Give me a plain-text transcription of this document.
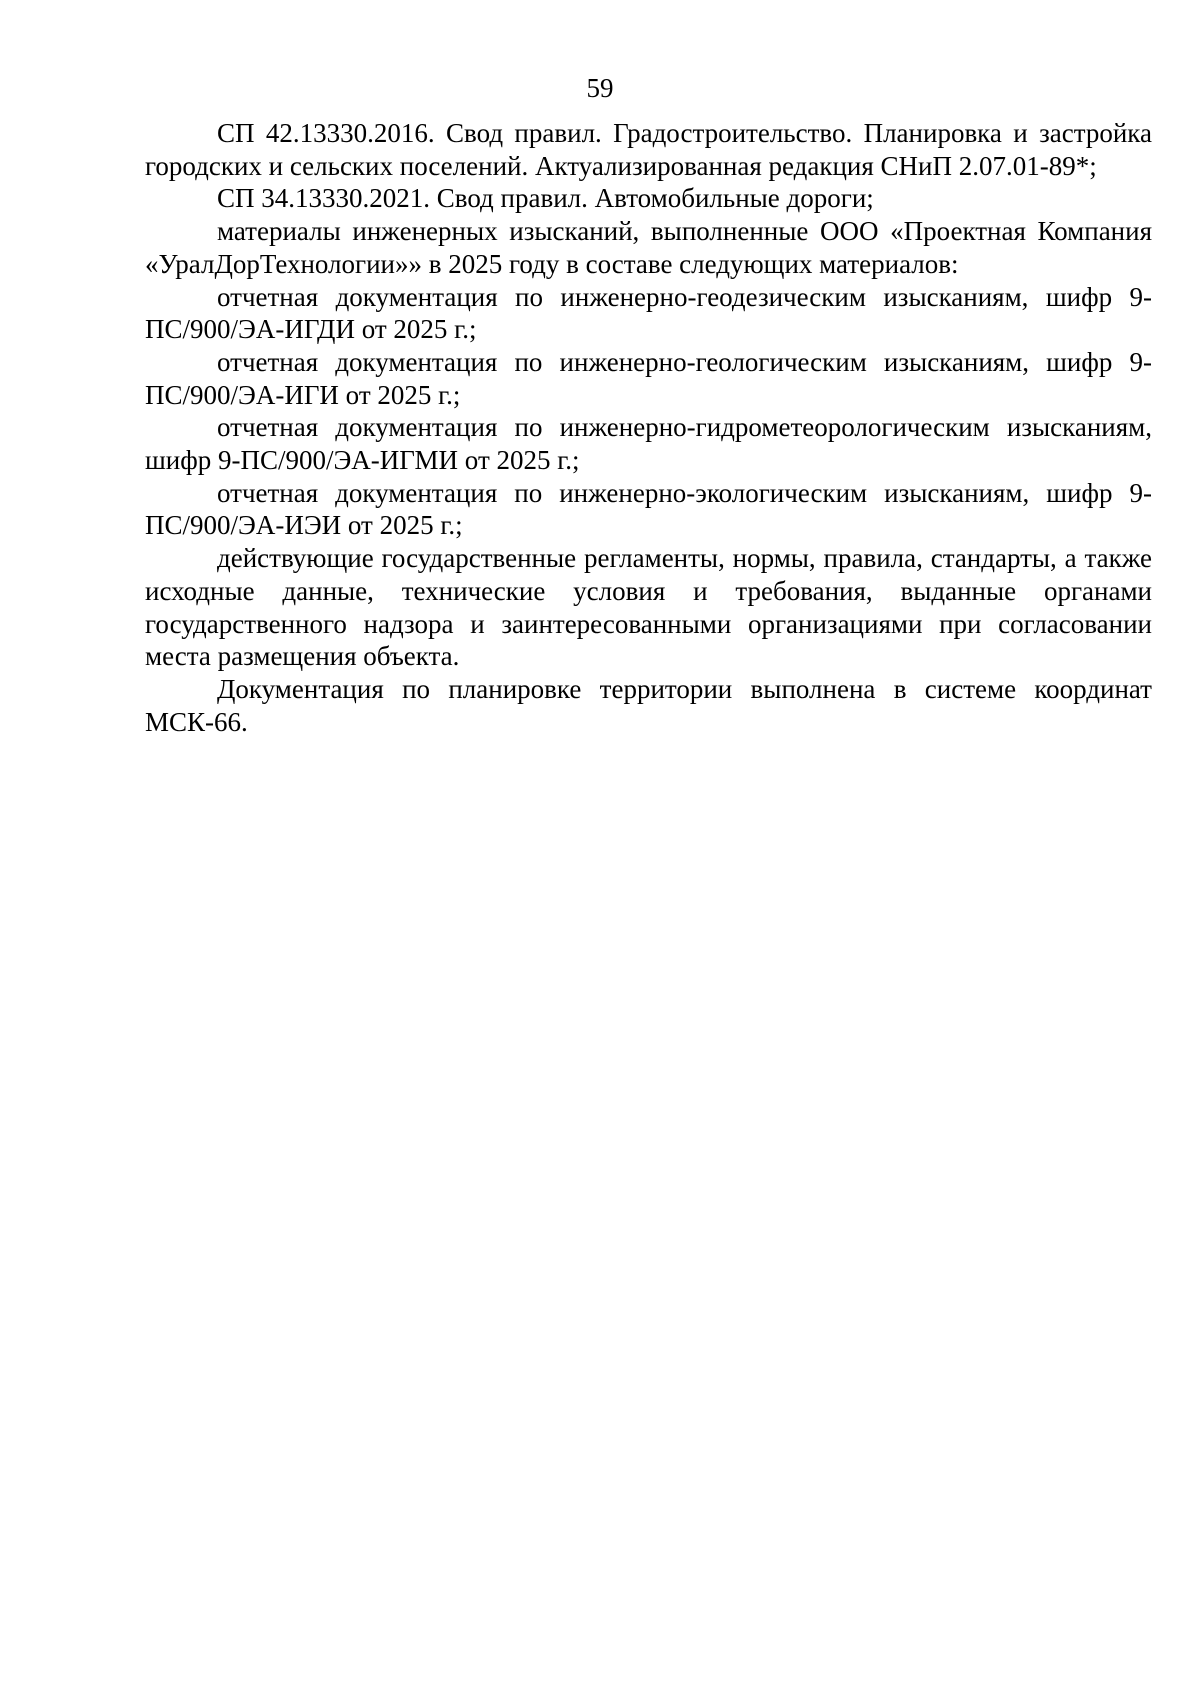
59

СП 42.13330.2016. Свод правил. Градостроительство. Планировка и застройка городских и сельских поселений. Актуализированная редакция СНиП 2.07.01-89*;

СП 34.13330.2021. Свод правил. Автомобильные дороги;

материалы инженерных изысканий, выполненные ООО «Проектная Компания «УралДорТехнологии»» в 2025 году в составе следующих материалов:

отчетная документация по инженерно-геодезическим изысканиям, шифр 9-ПС/900/ЭА-ИГДИ от 2025 г.;

отчетная документация по инженерно-геологическим изысканиям, шифр 9-ПС/900/ЭА-ИГИ от 2025 г.;

отчетная документация по инженерно-гидрометеорологическим изысканиям, шифр 9-ПС/900/ЭА-ИГМИ от 2025 г.;

отчетная документация по инженерно-экологическим изысканиям, шифр 9-ПС/900/ЭА-ИЭИ от 2025 г.;

действующие государственные регламенты, нормы, правила, стандарты, а также исходные данные, технические условия и требования, выданные органами государственного надзора и заинтересованными организациями при согласовании места размещения объекта.

Документация по планировке территории выполнена в системе координат МСК-66.
